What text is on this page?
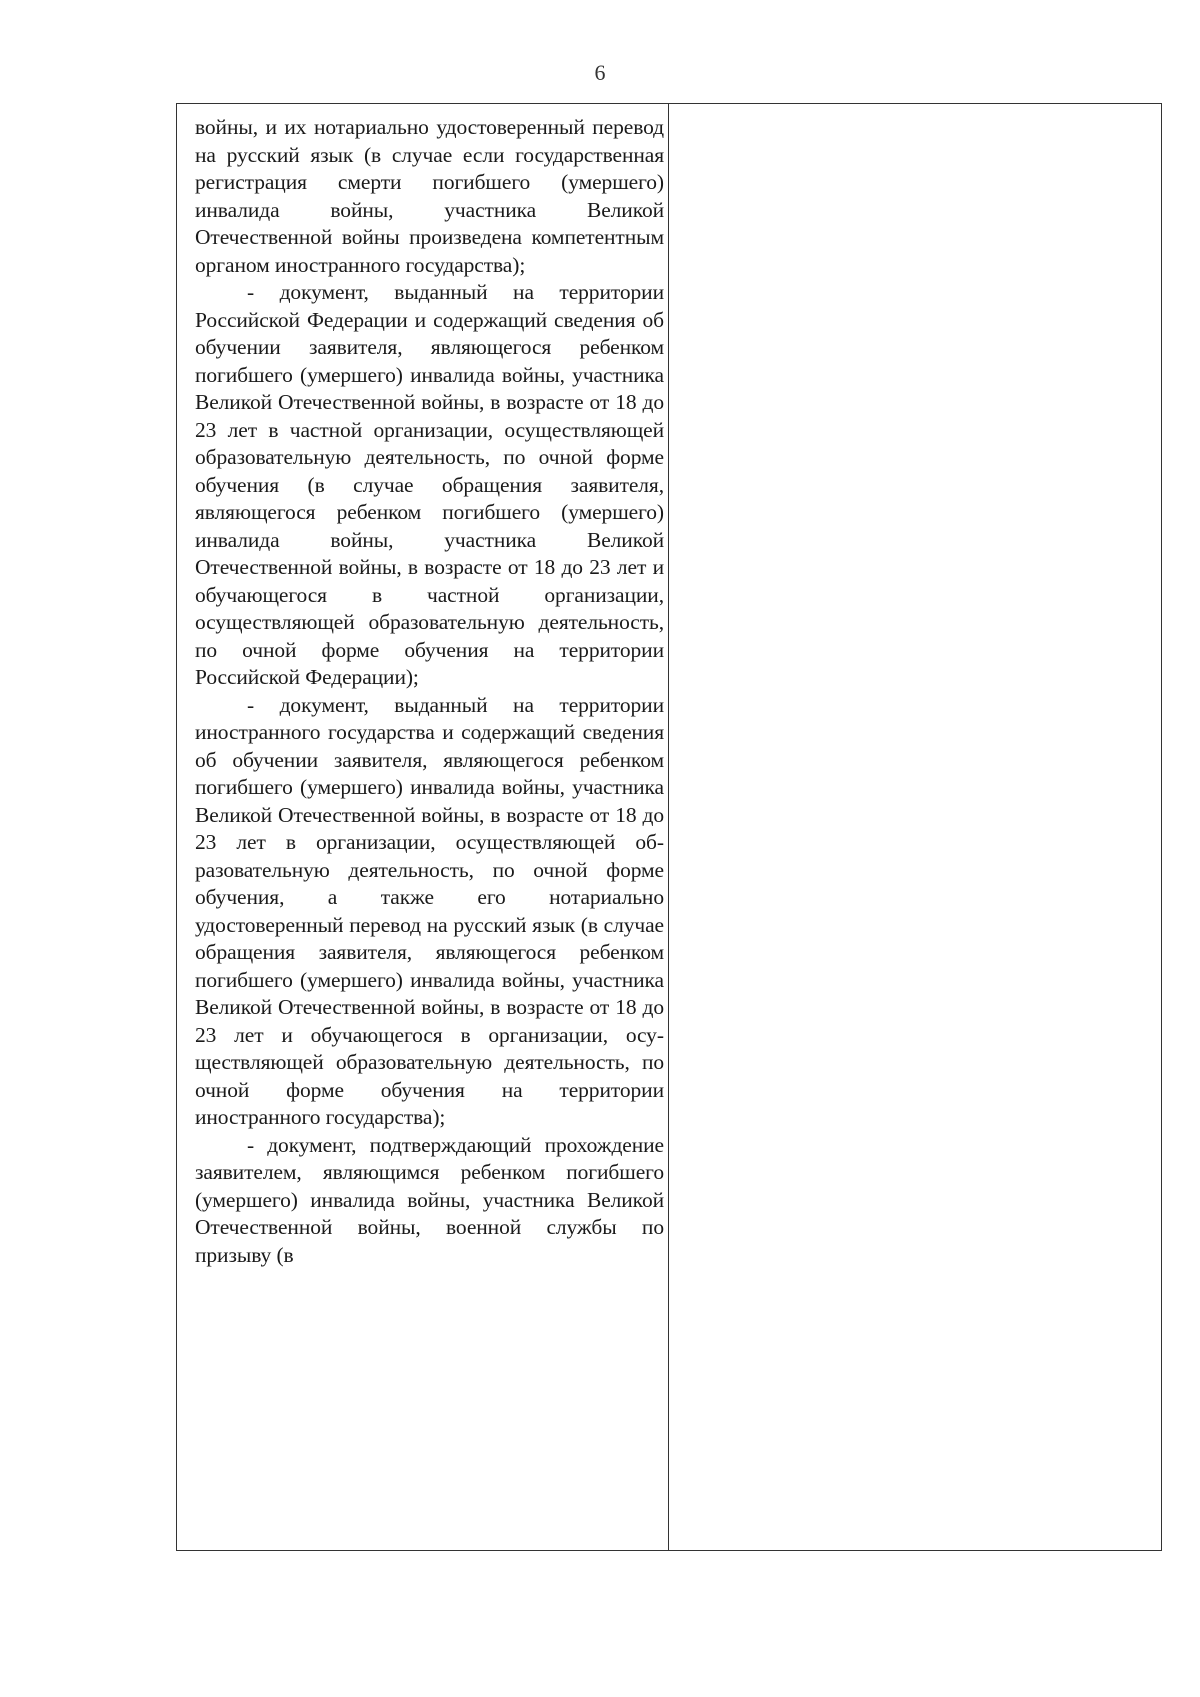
6

войны, и их нотариально удостоверенный перевод на русский язык (в случае если государственная регистрация смерти погибшего (умершего) инвалида войны, участника Великой Отечественной войны произведена компетентным органом иностранного государства);

- документ, выданный на территории Российской Федерации и содержащий сведения об обучении заявителя, являющегося ребенком погибшего (умершего) инвалида войны, участника Великой Отечественной войны, в возрасте от 18 до 23 лет в частной организации, осуществляющей образовательную деятельность, по очной форме обучения (в случае обращения заявителя, являющегося ребенком погибшего (умершего) инвалида войны, участника Великой Отечественной войны, в возрасте от 18 до 23 лет и обучающегося в частной организации, осуществляющей образовательную деятельность, по очной форме обучения на территории Российской Федерации);

- документ, выданный на территории иностранного государства и содержащий сведения об обучении заявителя, являющегося ребенком погибшего (умершего) инвалида войны, участника Великой Отечественной войны, в возрасте от 18 до 23 лет в организации, осуществляющей образовательную деятельность, по очной форме обучения, а также его нотариально удостоверенный перевод на русский язык (в случае обращения заявителя, являющегося ребенком погибшего (умершего) инвалида войны, участника Великой Отечественной войны, в возрасте от 18 до 23 лет и обучающегося в организации, осуществляющей образовательную деятельность, по очной форме обучения на территории иностранного государства);

- документ, подтверждающий прохождение заявителем, являющимся ребенком погибшего (умершего) инвалида войны, участника Великой Отечественной войны, военной службы по призыву (в
